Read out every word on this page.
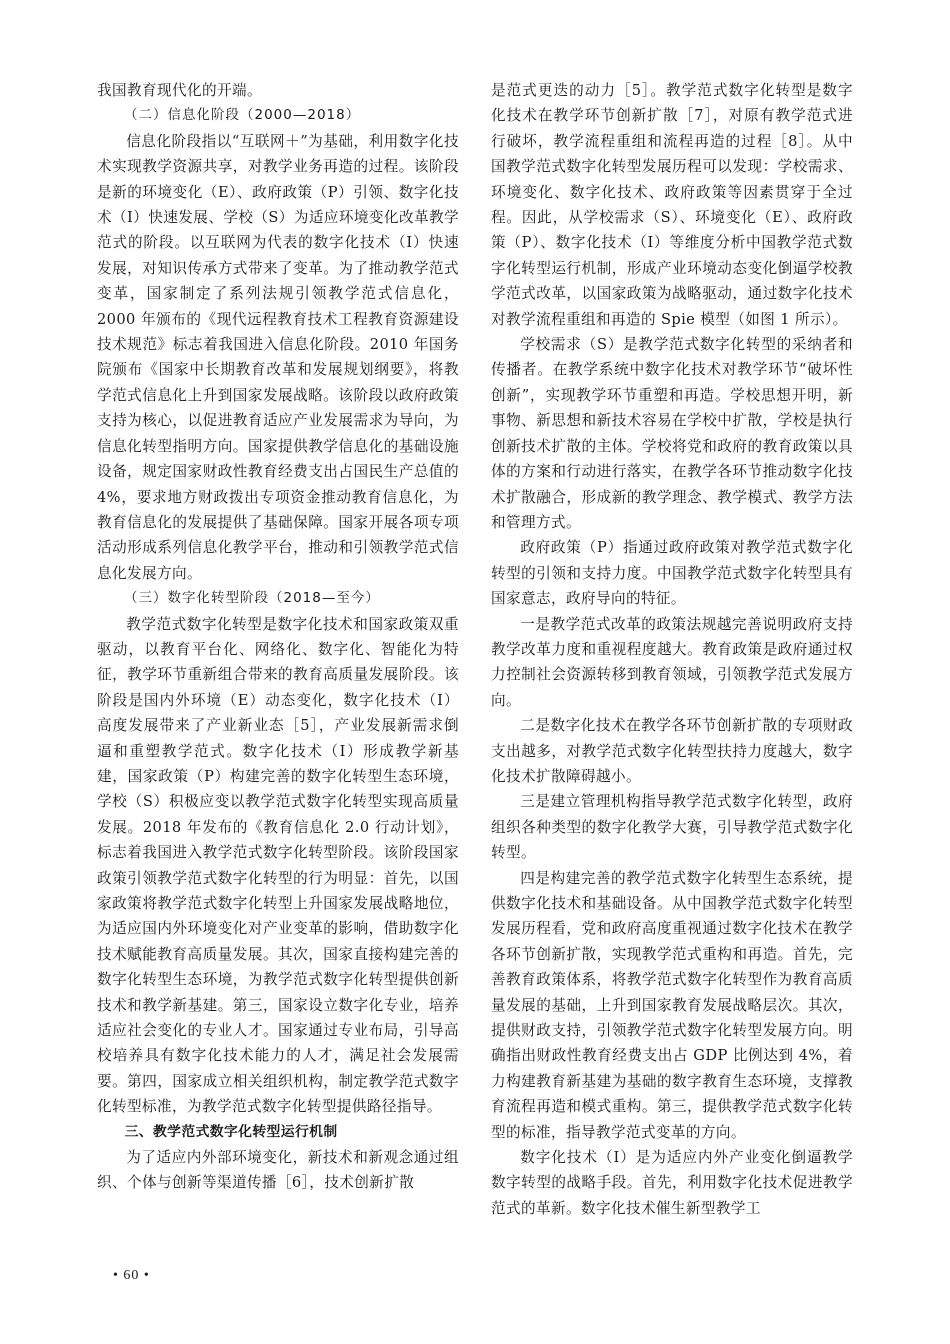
我国教育现代化的开端。

（二）信息化阶段（2000—2018）

信息化阶段指以“互联网＋”为基础，利用数字化技术实现教学资源共享，对教学业务再造的过程。该阶段是新的环境变化（E）、政府政策（P）引领、数字化技术（I）快速发展、学校（S）为适应环境变化改革教学范式的阶段。以互联网为代表的数字化技术（I）快速发展，对知识传承方式带来了变革。为了推动教学范式变革，国家制定了系列法规引领教学范式信息化，2000 年颁布的《现代远程教育技术工程教育资源建设技术规范》标志着我国进入信息化阶段。2010 年国务院颁布《国家中长期教育改革和发展规划纲要》，将教学范式信息化上升到国家发展战略。该阶段以政府政策支持为核心，以促进教育适应产业发展需求为导向，为信息化转型指明方向。国家提供教学信息化的基础设施设备，规定国家财政性教育经费支出占国民生产总值的 4%，要求地方财政拨出专项资金推动教育信息化，为教育信息化的发展提供了基础保障。国家开展各项专项活动形成系列信息化教学平台，推动和引领教学范式信息化发展方向。

（三）数字化转型阶段（2018—至今）

教学范式数字化转型是数字化技术和国家政策双重驱动，以教育平台化、网络化、数字化、智能化为特征，教学环节重新组合带来的教育高质量发展阶段。该阶段是国内外环境（E）动态变化，数字化技术（I）高度发展带来了产业新业态［5］，产业发展新需求倒逼和重塑教学范式。数字化技术（I）形成教学新基建，国家政策（P）构建完善的数字化转型生态环境，学校（S）积极应变以教学范式数字化转型实现高质量发展。2018 年发布的《教育信息化 2.0 行动计划》，标志着我国进入教学范式数字化转型阶段。该阶段国家政策引领教学范式数字化转型的行为明显：首先，以国家政策将教学范式数字化转型上升国家发展战略地位，为适应国内外环境变化对产业变革的影响，借助数字化技术赋能教育高质量发展。其次，国家直接构建完善的数字化转型生态环境，为教学范式数字化转型提供创新技术和教学新基建。第三，国家设立数字化专业，培养适应社会变化的专业人才。国家通过专业布局，引导高校培养具有数字化技术能力的人才，满足社会发展需要。第四，国家成立相关组织机构，制定教学范式数字化转型标准，为教学范式数字化转型提供路径指导。

三、教学范式数字化转型运行机制

为了适应内外部环境变化，新技术和新观念通过组织、个体与创新等渠道传播［6］，技术创新扩散

是范式更迭的动力［5］。教学范式数字化转型是数字化技术在教学环节创新扩散［7］，对原有教学范式进行破坏，教学流程重组和流程再造的过程［8］。从中国教学范式数字化转型发展历程可以发现：学校需求、环境变化、数字化技术、政府政策等因素贯穿于全过程。因此，从学校需求（S）、环境变化（E）、政府政策（P）、数字化技术（I）等维度分析中国教学范式数字化转型运行机制，形成产业环境动态变化倒逼学校教学范式改革，以国家政策为战略驱动，通过数字化技术对教学流程重组和再造的 Spie 模型（如图 1 所示）。

学校需求（S）是教学范式数字化转型的采纳者和传播者。在教学系统中数字化技术对教学环节“破坏性创新”，实现教学环节重塑和再造。学校思想开明，新事物、新思想和新技术容易在学校中扩散，学校是执行创新技术扩散的主体。学校将党和政府的教育政策以具体的方案和行动进行落实，在教学各环节推动数字化技术扩散融合，形成新的教学理念、教学模式、教学方法和管理方式。

政府政策（P）指通过政府政策对教学范式数字化转型的引领和支持力度。中国教学范式数字化转型具有国家意志，政府导向的特征。

一是教学范式改革的政策法规越完善说明政府支持教学改革力度和重视程度越大。教育政策是政府通过权力控制社会资源转移到教育领域，引领教学范式发展方向。

二是数字化技术在教学各环节创新扩散的专项财政支出越多，对教学范式数字化转型扶持力度越大，数字化技术扩散障碍越小。

三是建立管理机构指导教学范式数字化转型，政府组织各种类型的数字化教学大赛，引导教学范式数字化转型。

四是构建完善的教学范式数字化转型生态系统，提供数字化技术和基础设备。从中国教学范式数字化转型发展历程看，党和政府高度重视通过数字化技术在教学各环节创新扩散，实现教学范式重构和再造。首先，完善教育政策体系，将教学范式数字化转型作为教育高质量发展的基础，上升到国家教育发展战略层次。其次，提供财政支持，引领教学范式数字化转型发展方向。明确指出财政性教育经费支出占 GDP 比例达到 4%，着力构建教育新基建为基础的数字教育生态环境，支撑教育流程再造和模式重构。第三，提供教学范式数字化转型的标准，指导教学范式变革的方向。

数字化技术（I）是为适应内外产业变化倒逼教学数字转型的战略手段。首先，利用数字化技术促进教学范式的革新。数字化技术催生新型教学工

• 60 •
